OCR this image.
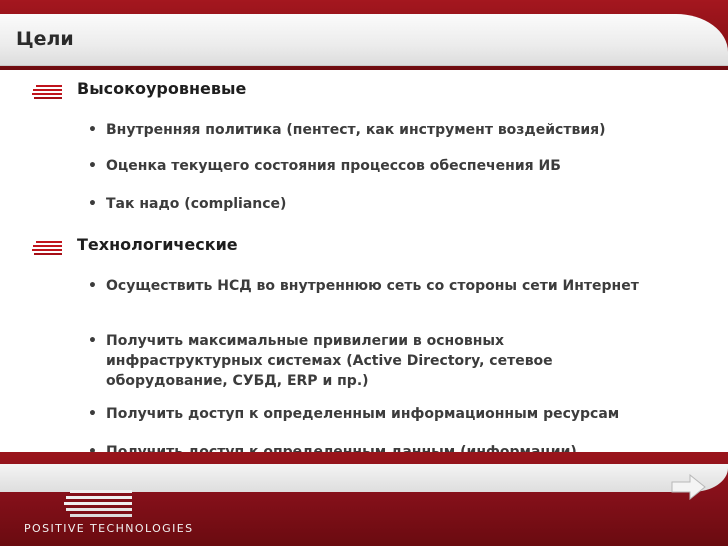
Цели
Высокоуровневые
• Внутренняя политика (пентест, как инструмент воздействия)
• Оценка текущего состояния процессов обеспечения ИБ
• Так надо (compliance)
Технологические
• Осуществить НСД во внутреннюю сеть со стороны сети Интернет
• Получить максимальные привилегии в основных инфраструктурных системах (Active Directory, сетевое оборудование, СУБД, ERP и пр.)
• Получить доступ к определенным информационным ресурсам
POSITIVE TECHNOLOGIES
